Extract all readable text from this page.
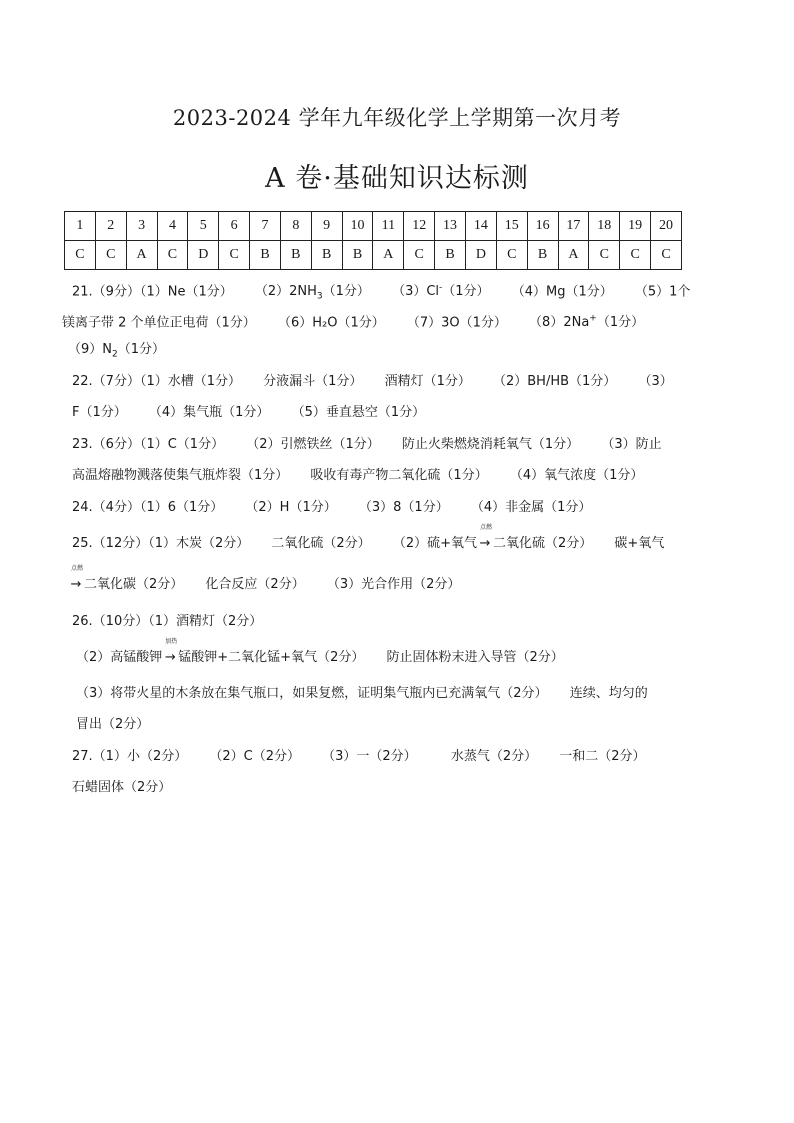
2023-2024 学年九年级化学上学期第一次月考
A 卷·基础知识达标测
1	2	3	4	5	6	7	8	9	10	11	12	13	14	15	16	17	18	19	20
C	C	A	C	D	C	B	B	B	B	A	C	B	D	C	B	A	C	C	C
21.（9分）（1）Ne（1分） $(2)2NH_3(1$分） （3）Cl-（1分） （4）Mg（1分） （5）1个
镁离子带 2 个单位正电荷（1分） （6）H₂O（1分） （7）3O（1分） （8）2Na+（1分）
$(9)N_2(1$分）
22.（7分）（1）水槽（1分） 分液漏斗（1分） 酒精灯（1分） （2）BH/HB（1分） （3）
F（1分） （4）集气瓶（1分） （5）垂直悬空（1分）
23.（6分）（1）C（1分） （2）引燃铁丝（1分） 防止火柴燃烧消耗氧气（1分） （3）防止
高温熔融物溅落使集气瓶炸裂（1分） 吸收有毒产物二氧化硫（1分） （4）氧气浓度（1分）
24.（4分）（1）6（1分） （2）H（1分） （3）8（1分） （4）非金属（1分）
25.（12分）（1）木炭（2分） 二氧化硫（2分） （2）硫+氧气
点燃
→ 二氧化硫（2分） 碳+氧气
点燃
→ 二氧化碳（2分） 化合反应（2分） （3）光合作用（2分）
26.（10分）（1）酒精灯（2分）
（2）高锰酸钾
加热
→ 锰酸钾+二氧化锰+氧气（2分） 防止固体粉末进入导管（2分）
（3）将带火星的木条放在集气瓶口，如果复燃，证明集气瓶内已充满氧气（2分） 连续、均匀的
冒出（2分）
27.（1）小（2分） （2）C（2分） （3）一（2分）	水蒸气（2分） 一和二（2分）
石蜡固体（2分）
